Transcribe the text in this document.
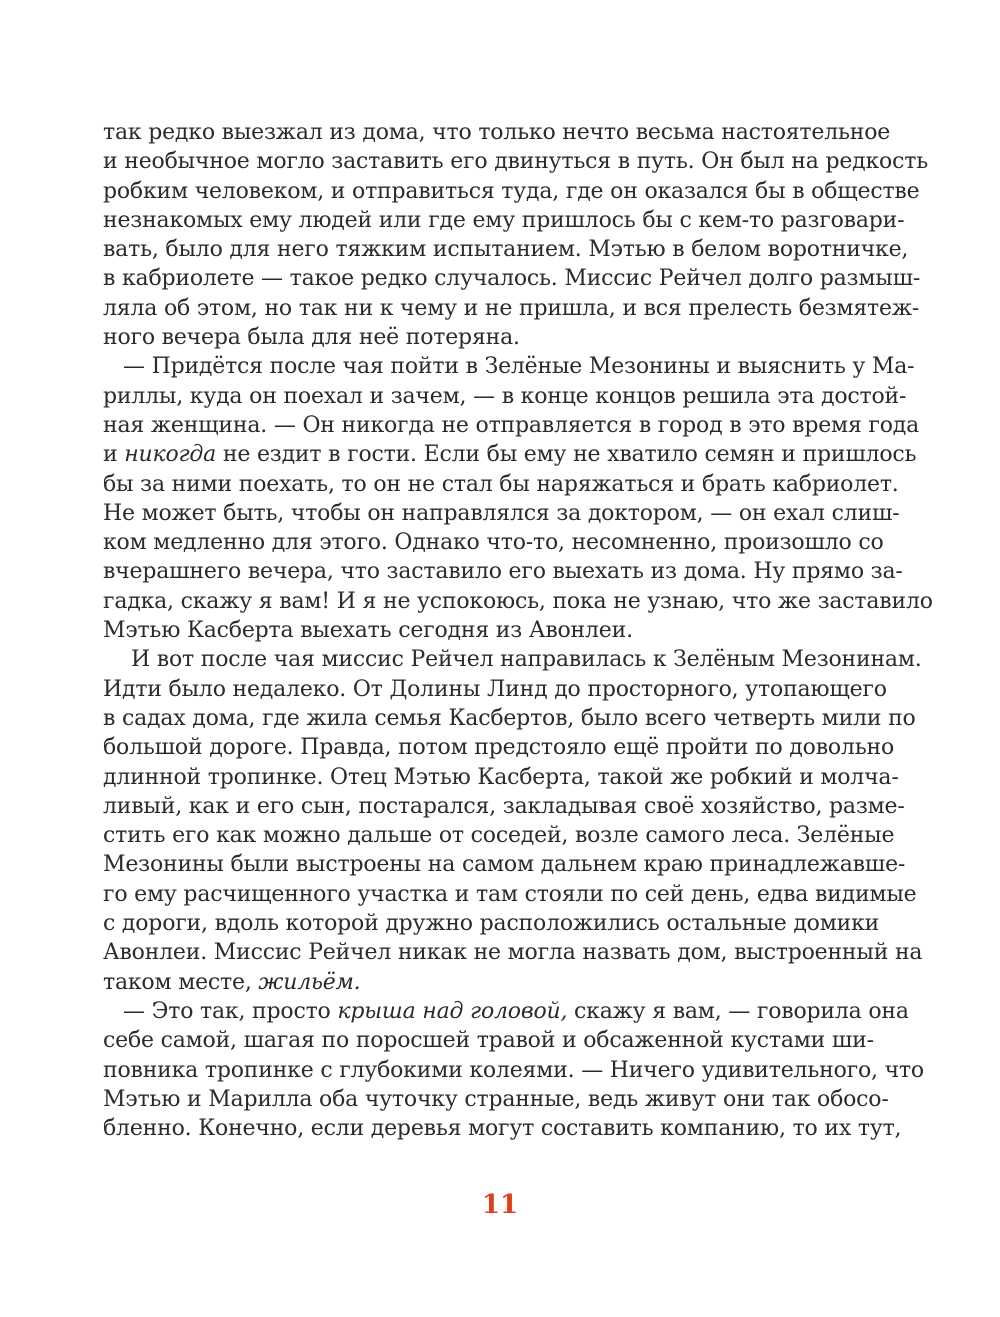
так редко выезжал из дома, что только нечто весьма настоятельное
и необычное могло заставить его двинуться в путь. Он был на редкость
робким человеком, и отправиться туда, где он оказался бы в обществе
незнакомых ему людей или где ему пришлось бы с кем-то разговари-
вать, было для него тяжким испытанием. Мэтью в белом воротничке,
в кабриолете — такое редко случалось. Миссис Рейчел долго размыш-
ляла об этом, но так ни к чему и не пришла, и вся прелесть безмятеж-
ного вечера была для неё потеряна.
— Придётся после чая пойти в Зелёные Мезонины и выяснить у Ма-
риллы, куда он поехал и зачем, — в конце концов решила эта достой-
ная женщина. — Он никогда не отправляется в город в это время года
и никогда не ездит в гости. Если бы ему не хватило семян и пришлось
бы за ними поехать, то он не стал бы наряжаться и брать кабриолет.
Не может быть, чтобы он направлялся за доктором, — он ехал слиш-
ком медленно для этого. Однако что-то, несомненно, произошло со
вчерашнего вечера, что заставило его выехать из дома. Ну прямо за-
гадка, скажу я вам! И я не успокоюсь, пока не узнаю, что же заставило
Мэтью Касберта выехать сегодня из Авонлеи.
И вот после чая миссис Рейчел направилась к Зелёным Мезонинам.
Идти было недалеко. От Долины Линд до просторного, утопающего
в садах дома, где жила семья Касбертов, было всего четверть мили по
большой дороге. Правда, потом предстояло ещё пройти по довольно
длинной тропинке. Отец Мэтью Касберта, такой же робкий и молча-
ливый, как и его сын, постарался, закладывая своё хозяйство, разме-
стить его как можно дальше от соседей, возле самого леса. Зелёные
Мезонины были выстроены на самом дальнем краю принадлежавше-
го ему расчищенного участка и там стояли по сей день, едва видимые
с дороги, вдоль которой дружно расположились остальные домики
Авонлеи. Миссис Рейчел никак не могла назвать дом, выстроенный на
таком месте, жильём.
— Это так, просто крыша над головой, скажу я вам, — говорила она
себе самой, шагая по поросшей травой и обсаженной кустами ши-
повника тропинке с глубокими колеями. — Ничего удивительного, что
Мэтью и Марилла оба чуточку странные, ведь живут они так обосо-
бленно. Конечно, если деревья могут составить компанию, то их тут,
11
